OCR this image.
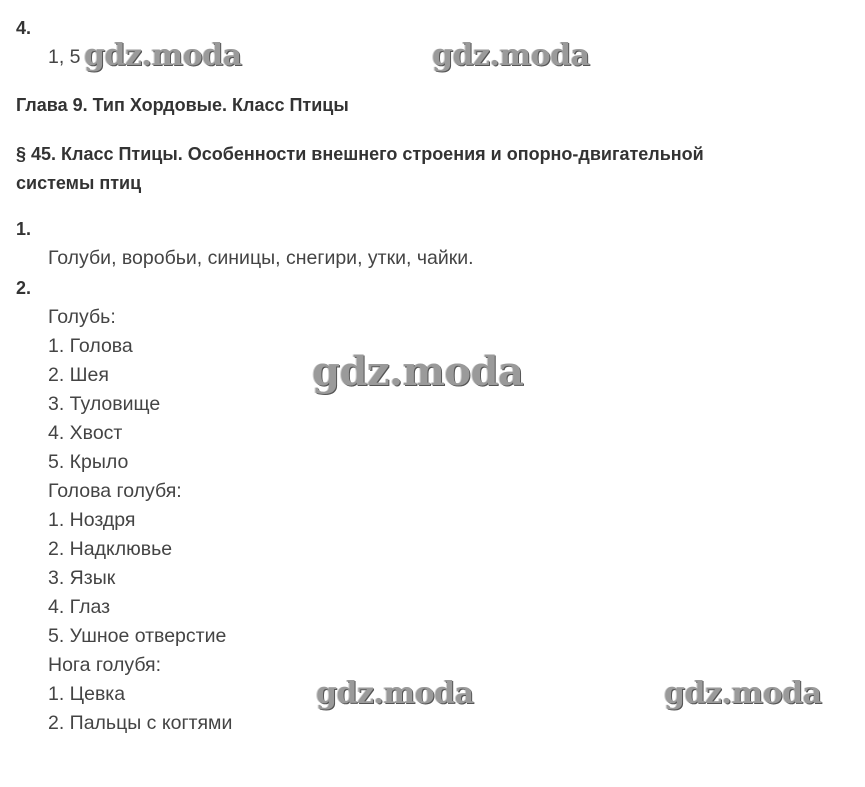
4.
1, 5
Глава 9. Тип Хордовые. Класс Птицы
§ 45. Класс Птицы. Особенности внешнего строения и опорно-двигательной
системы птиц
1.
Голуби, воробьи, синицы, снегири, утки, чайки.
2.
Голубь:
1. Голова
2. Шея
3. Туловище
4. Хвост
5. Крыло
Голова голубя:
1. Ноздря
2. Надклювье
3. Язык
4. Глаз
5. Ушное отверстие
Нога голубя:
1. Цевка
2. Пальцы с когтями
gdz.moda	gdz.moda
gdz.moda
gdz.moda	gdz.moda
